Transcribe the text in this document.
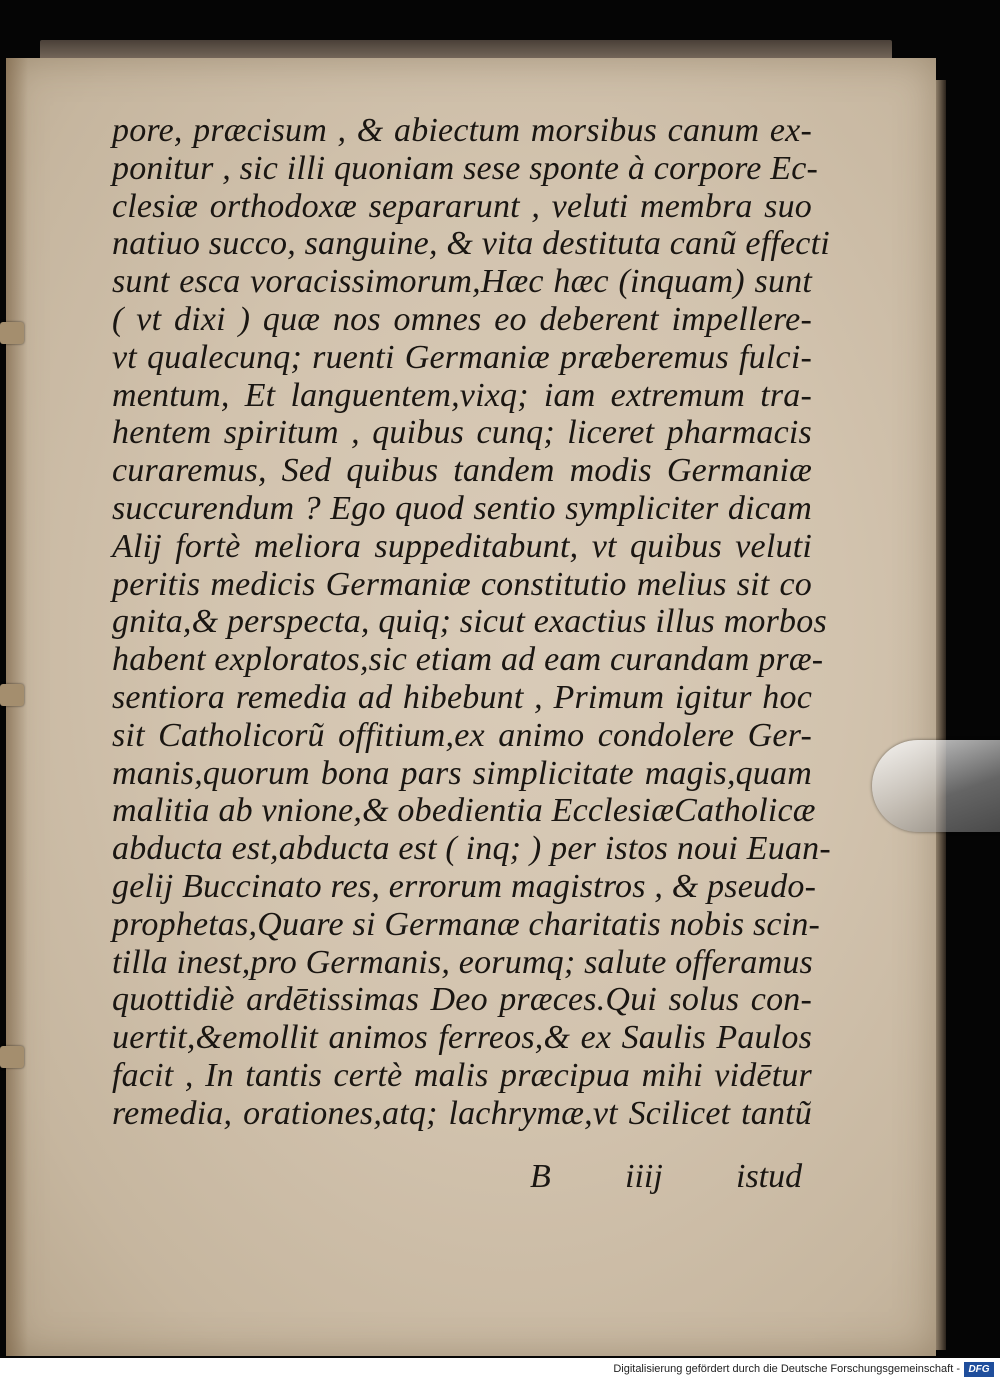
pore, præcisum , & abiectum morsibus canum ex-
ponitur , sic illi quoniam sese sponte à corpore Ec-
clesiæ orthodoxæ separarunt , veluti membra suo
natiuo succo, sanguine, & vita destituta canũ effecti
sunt esca voracissimorum,Hæc hæc (inquam) sunt
( vt dixi ) quæ nos omnes eo deberent impellere-
vt qualecunq; ruenti Germaniæ præberemus fulci-
mentum, Et languentem,vixq; iam extremum tra-
hentem spiritum , quibus cunq; liceret pharmacis
curaremus, Sed quibus tandem modis Germaniæ
succurendum ? Ego quod sentio sympliciter dicam
Alij fortè meliora suppeditabunt, vt quibus veluti
peritis medicis Germaniæ constitutio melius sit co
gnita,& perspecta, quiq; sicut exactius illus morbos
habent exploratos,sic etiam ad eam curandam præ-
sentiora remedia ad hibebunt , Primum igitur hoc
sit Catholicorũ offitium,ex animo condolere Ger-
manis,quorum bona pars simplicitate magis,quam
malitia ab vnione,& obedientia EcclesiæCatholicæ
abducta est,abducta est ( inq; ) per istos noui Euan-
gelij Buccinato res, errorum magistros , & pseudo-
prophetas,Quare si Germanæ charitatis nobis scin-
tilla inest,pro Germanis, eorumq; salute offeramus
quottidiè ardētissimas Deo præces.Qui solus con-
uertit,&emollit animos ferreos,& ex Saulis Paulos
facit , In tantis certè malis præcipua mihi vidētur
remedia, orationes,atq; lachrymæ,vt Scilicet tantũ
B iiij istud
Digitalisierung gefördert durch die Deutsche Forschungsgemeinschaft - DFG
